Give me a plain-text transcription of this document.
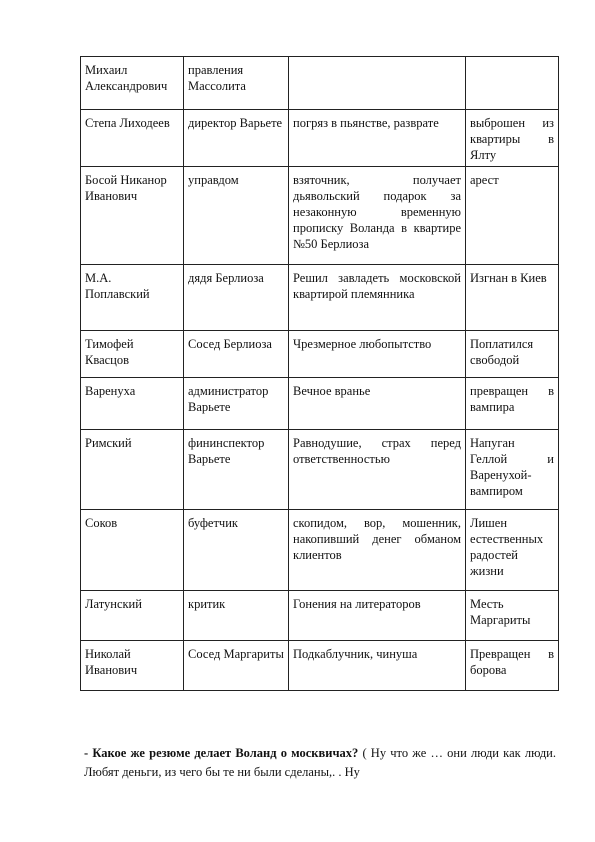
Михаил Александрович	правления Массолита		
Степа Лиходеев	директор Варьете	погряз в пьянстве, разврате	выброшен из квартиры в Ялту
Босой Никанор Иванович	управдом	взяточник, получает дьявольский подарок за незаконную временную прописку Воланда в квартире №50 Берлиоза	арест
М.А. Поплавский	дядя Берлиоза	Решил завладеть московской квартирой племянника	Изгнан в Киев
Тимофей Квасцов	Сосед Берлиоза	Чрезмерное любопытство	Поплатился свободой
Варенуха	администратор Варьете	Вечное вранье	превращен в вампира
Римский	фининспектор Варьете	Равнодушие, страх перед ответственностью	Напуган Геллой и Варенухой-вампиром
Соков	буфетчик	скопидом, вор, мошенник, накопивший денег обманом клиентов	Лишен естественных радостей жизни
Латунский	критик	Гонения на литераторов	Месть Маргариты
Николай Иванович	Сосед Маргариты	Подкаблучник, чинуша	Превращен в борова

- Какое же резюме делает Воланд о москвичах? ( Ну что же … они люди как люди. Любят деньги, из чего бы те ни были сделаны,. . Ну
